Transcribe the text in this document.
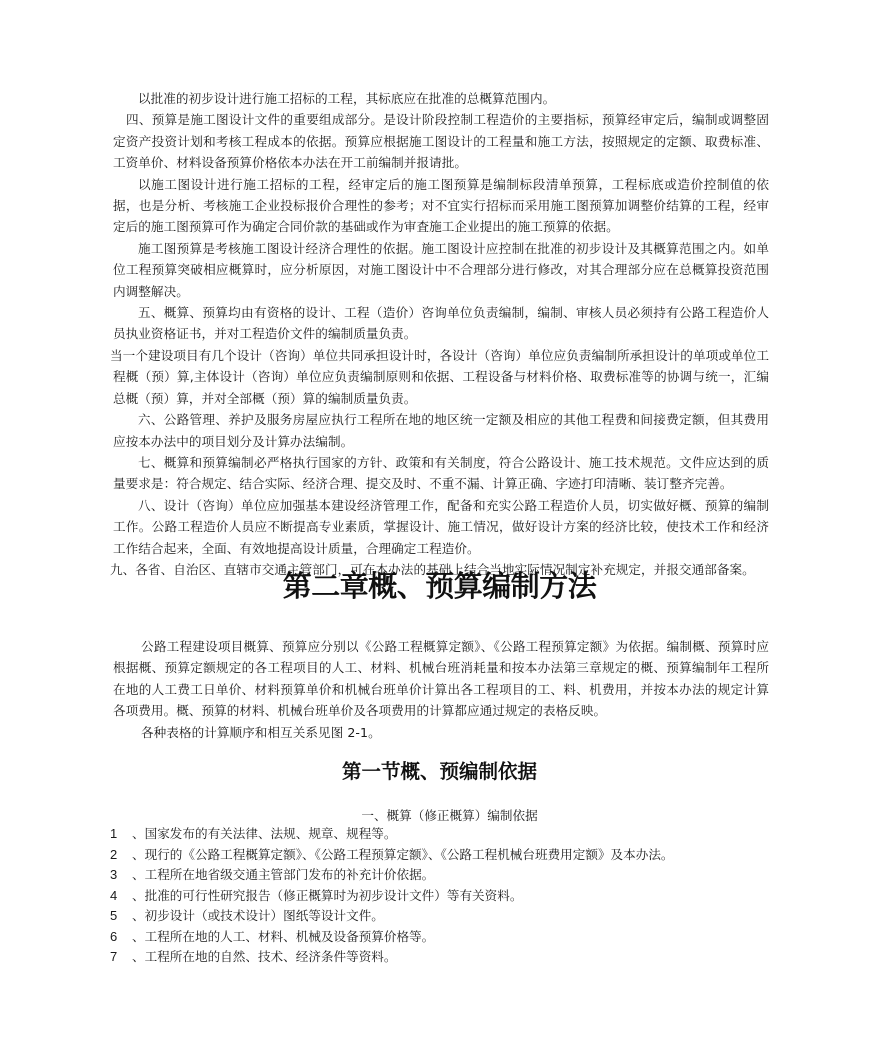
以批准的初步设计进行施工招标的工程，其标底应在批准的总概算范围内。

四、预算是施工图设计文件的重要组成部分。是设计阶段控制工程造价的主要指标，预算经审定后，编制或调整固定资产投资计划和考核工程成本的依据。预算应根据施工图设计的工程量和施工方法，按照规定的定额、取费标准、工资单价、材料设备预算价格依本办法在开工前编制并报请批。

以施工图设计进行施工招标的工程，经审定后的施工图预算是编制标段清单预算，工程标底或造价控制值的依据，也是分析、考核施工企业投标报价合理性的参考；对不宜实行招标而采用施工图预算加调整价结算的工程，经审定后的施工图预算可作为确定合同价款的基础或作为审査施工企业提出的施工预算的依据。

施工图预算是考核施工图设计经济合理性的依据。施工图设计应控制在批准的初步设计及其概算范围之内。如单位工程预算突破相应概算时，应分析原因，对施工图设计中不合理部分进行修改，对其合理部分应在总概算投资范围内调整解决。

五、概算、预算均由有资格的设计、工程（造价）咨询单位负责编制，编制、审核人员必须持有公路工程造价人员执业资格证书，并对工程造价文件的编制质量负责。

当一个建设项目有几个设计（咨询）单位共同承担设计时，各设计（咨询）单位应负责编制所承担设计的单项或单位工程概（预）算,主体设计（咨询）单位应负责编制原则和依据、工程设备与材料价格、取费标准等的协调与统一，汇编总概（预）算，并对全部概（预）算的编制质量负责。

六、公路管理、养护及服务房屋应执行工程所在地的地区统一定额及相应的其他工程费和间接费定额，但其费用应按本办法中的项目划分及计算办法编制。

七、概算和预算编制必严格执行国家的方针、政策和有关制度，符合公路设计、施工技术规范。文件应达到的质量要求是：符合规定、结合实际、经济合理、提交及时、不重不漏、计算正确、字迹打印清晰、装订整齐完善。

八、设计（咨询）单位应加强基本建设经济管理工作，配备和充实公路工程造价人员，切实做好概、预算的编制工作。公路工程造价人员应不断提高专业素质，掌握设计、施工情况，做好设计方案的经济比较，使技术工作和经济工作结合起来，全面、有效地提高设计质量，合理确定工程造价。

九、各省、自治区、直辖市交通主管部门，可在本办法的基础上结合当地实际情况制定补充规定，并报交通部备案。

第二章概、预算编制方法

公路工程建设项目概算、预算应分别以《公路工程概算定额》、《公路工程预算定额》为依据。编制概、预算时应根据概、预算定额规定的各工程项目的人工、材料、机械台班消耗量和按本办法第三章规定的概、预算编制年工程所在地的人工费工日单价、材料预算单价和机械台班单价计算出各工程项目的工、料、机费用，并按本办法的规定计算各项费用。概、预算的材料、机械台班单价及各项费用的计算都应通过规定的表格反映。

各种表格的计算顺序和相互关系见图 2-1。

第一节概、预编制依据
一、概算（修正概算）编制依据
1	、国家发布的有关法律、法规、规章、规程等。
2	、现行的《公路工程概算定额》、《公路工程预算定额》、《公路工程机械台班费用定额》及本办法。
3	、工程所在地省级交通主管部门发布的补充计价依据。
4	、批准的可行性研究报告（修正概算时为初步设计文件）等有关资料。
5	、初步设计（或技术设计）图纸等设计文件。
6	、工程所在地的人工、材料、机械及设备预算价格等。
7	、工程所在地的自然、技术、经济条件等资料。
